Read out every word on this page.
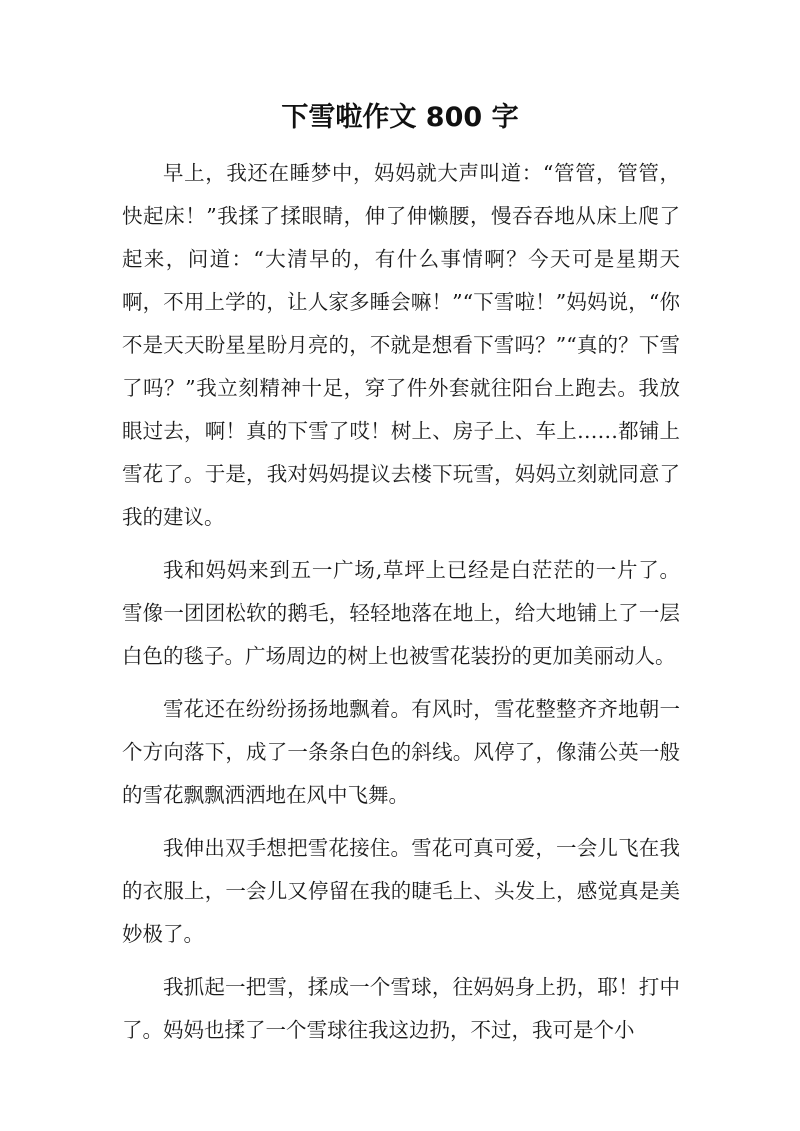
下雪啦作文 800 字

早上，我还在睡梦中，妈妈就大声叫道：“管管，管管，快起床！”我揉了揉眼睛，伸了伸懒腰，慢吞吞地从床上爬了起来，问道：“大清早的，有什么事情啊？今天可是星期天啊，不用上学的，让人家多睡会嘛！”“下雪啦！”妈妈说，“你不是天天盼星星盼月亮的，不就是想看下雪吗？”“真的？下雪了吗？”我立刻精神十足，穿了件外套就往阳台上跑去。我放眼过去，啊！真的下雪了哎！树上、房子上、车上……都铺上雪花了。于是，我对妈妈提议去楼下玩雪，妈妈立刻就同意了我的建议。

我和妈妈来到五一广场,草坪上已经是白茫茫的一片了。雪像一团团松软的鹅毛，轻轻地落在地上，给大地铺上了一层白色的毯子。广场周边的树上也被雪花装扮的更加美丽动人。

雪花还在纷纷扬扬地飘着。有风时，雪花整整齐齐地朝一个方向落下，成了一条条白色的斜线。风停了，像蒲公英一般的雪花飘飘洒洒地在风中飞舞。

我伸出双手想把雪花接住。雪花可真可爱，一会儿飞在我的衣服上，一会儿又停留在我的睫毛上、头发上，感觉真是美妙极了。

我抓起一把雪，揉成一个雪球，往妈妈身上扔，耶！打中了。妈妈也揉了一个雪球往我这边扔，不过，我可是个小
